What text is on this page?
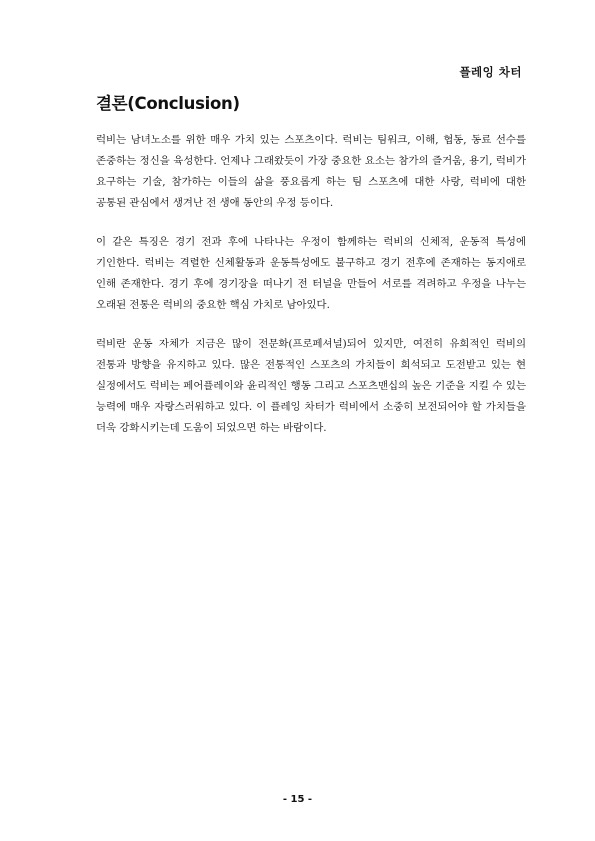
플레잉 차터
결론(Conclusion)

럭비는 남녀노소를 위한 매우 가치 있는 스포츠이다. 럭비는 팀워크, 이해, 협동, 동료 선수를 존중하는 정신을 육성한다. 언제나 그래왔듯이 가장 중요한 요소는 참가의 즐거움, 용기, 럭비가 요구하는 기술, 참가하는 이들의 삶을 풍요롭게 하는 팀 스포츠에 대한 사랑, 럭비에 대한 공통된 관심에서 생겨난 전 생애 동안의 우정 등이다.

이 같은 특징은 경기 전과 후에 나타나는 우정이 함께하는 럭비의 신체적, 운동적 특성에 기인한다. 럭비는 격렬한 신체활동과 운동특성에도 불구하고 경기 전후에 존재하는 동지애로 인해 존재한다. 경기 후에 경기장을 떠나기 전 터널을 만들어 서로를 격려하고 우정을 나누는 오래된 전통은 럭비의 중요한 핵심 가치로 남아있다.

럭비란 운동 자체가 지금은 많이 전문화(프로페셔널)되어 있지만, 여전히 유희적인 럭비의 전통과 방향을 유지하고 있다. 많은 전통적인 스포츠의 가치들이 희석되고 도전받고 있는 현 실정에서도 럭비는 페어플레이와 윤리적인 행동 그리고 스포츠맨십의 높은 기준을 지킬 수 있는 능력에 매우 자랑스러워하고 있다. 이 플레잉 차터가 럭비에서 소중히 보전되어야 할 가치들을 더욱 강화시키는데 도움이 되었으면 하는 바람이다.

- 15 -
